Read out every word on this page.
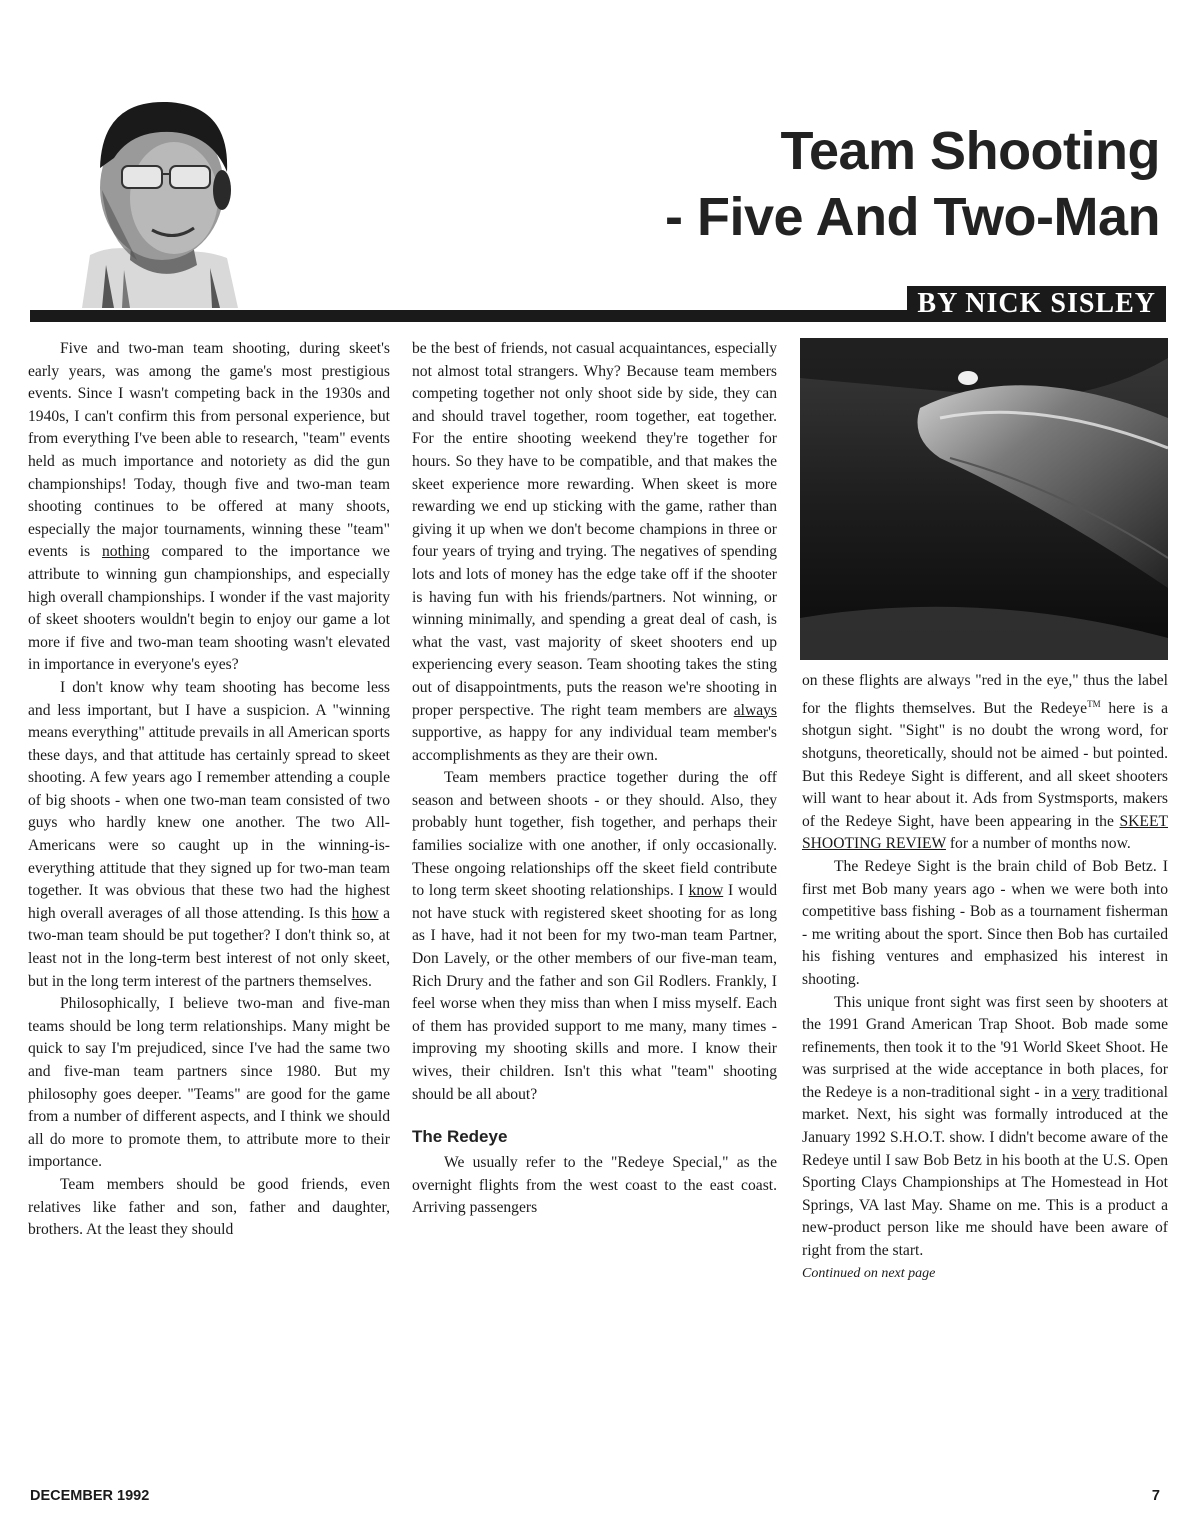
Team Shooting
- Five And Two-Man
BY NICK SISLEY

Five and two-man team shooting, during skeet's early years, was among the game's most prestigious events. Since I wasn't competing back in the 1930s and 1940s, I can't confirm this from personal experience, but from everything I've been able to research, "team" events held as much importance and notoriety as did the gun championships! Today, though five and two-man team shooting continues to be offered at many shoots, especially the major tournaments, winning these "team" events is nothing compared to the importance we attribute to winning gun championships, and especially high overall championships. I wonder if the vast majority of skeet shooters wouldn't begin to enjoy our game a lot more if five and two-man team shooting wasn't elevated in importance in everyone's eyes?

I don't know why team shooting has become less and less important, but I have a suspicion. A "winning means everything" attitude prevails in all American sports these days, and that attitude has certainly spread to skeet shooting. A few years ago I remember attending a couple of big shoots - when one two-man team consisted of two guys who hardly knew one another. The two All-Americans were so caught up in the winning-is-everything attitude that they signed up for two-man team together. It was obvious that these two had the highest high overall averages of all those attending. Is this how a two-man team should be put together? I don't think so, at least not in the long-term best interest of not only skeet, but in the long term interest of the partners themselves.

Philosophically, I believe two-man and five-man teams should be long term relationships. Many might be quick to say I'm prejudiced, since I've had the same two and five-man team partners since 1980. But my philosophy goes deeper. "Teams" are good for the game from a number of different aspects, and I think we should all do more to promote them, to attribute more to their importance.

Team members should be good friends, even relatives like father and son, father and daughter, brothers. At the least they should

be the best of friends, not casual acquaintances, especially not almost total strangers. Why? Because team members competing together not only shoot side by side, they can and should travel together, room together, eat together. For the entire shooting weekend they're together for hours. So they have to be compatible, and that makes the skeet experience more rewarding. When skeet is more rewarding we end up sticking with the game, rather than giving it up when we don't become champions in three or four years of trying and trying. The negatives of spending lots and lots of money has the edge take off if the shooter is having fun with his friends/partners. Not winning, or winning minimally, and spending a great deal of cash, is what the vast, vast majority of skeet shooters end up experiencing every season. Team shooting takes the sting out of disappointments, puts the reason we're shooting in proper perspective. The right team members are always supportive, as happy for any individual team member's accomplishments as they are their own.

Team members practice together during the off season and between shoots - or they should. Also, they probably hunt together, fish together, and perhaps their families socialize with one another, if only occasionally. These ongoing relationships off the skeet field contribute to long term skeet shooting relationships. I know I would not have stuck with registered skeet shooting for as long as I have, had it not been for my two-man team Partner, Don Lavely, or the other members of our five-man team, Rich Drury and the father and son Gil Rodlers. Frankly, I feel worse when they miss than when I miss myself. Each of them has provided support to me many, many times - improving my shooting skills and more. I know their wives, their children. Isn't this what "team" shooting should be all about?

The Redeye

We usually refer to the "Redeye Special," as the overnight flights from the west coast to the east coast. Arriving passengers

on these flights are always "red in the eye," thus the label for the flights themselves. But the Redeye™ here is a shotgun sight. "Sight" is no doubt the wrong word, for shotguns, theoretically, should not be aimed - but pointed. But this Redeye Sight is different, and all skeet shooters will want to hear about it. Ads from Systmsports, makers of the Redeye Sight, have been appearing in the SKEET SHOOTING REVIEW for a number of months now.

The Redeye Sight is the brain child of Bob Betz. I first met Bob many years ago - when we were both into competitive bass fishing - Bob as a tournament fisherman - me writing about the sport. Since then Bob has curtailed his fishing ventures and emphasized his interest in shooting.

This unique front sight was first seen by shooters at the 1991 Grand American Trap Shoot. Bob made some refinements, then took it to the '91 World Skeet Shoot. He was surprised at the wide acceptance in both places, for the Redeye is a non-traditional sight - in a very traditional market. Next, his sight was formally introduced at the January 1992 S.H.O.T. show. I didn't become aware of the Redeye until I saw Bob Betz in his booth at the U.S. Open Sporting Clays Championships at The Homestead in Hot Springs, VA last May. Shame on me. This is a product a new-product person like me should have been aware of right from the start.

Continued on next page

DECEMBER 1992	7
